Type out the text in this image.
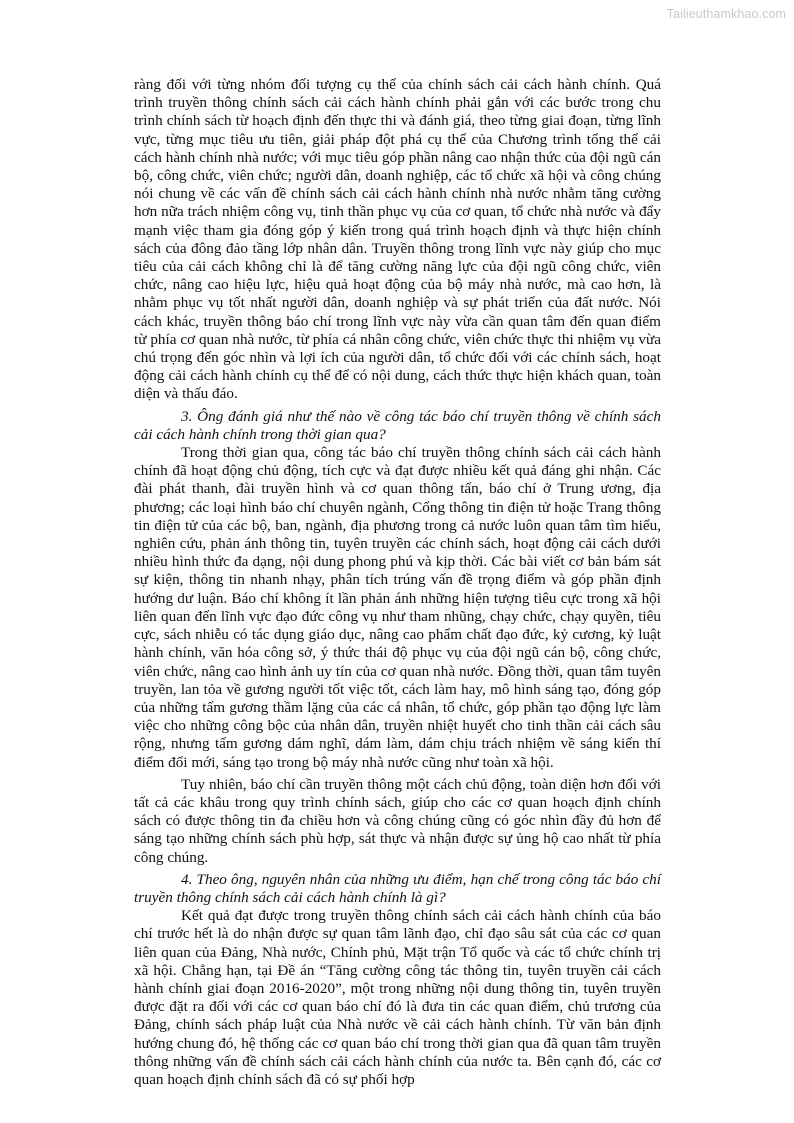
Tailieuthamkhao.com

ràng đối với từng nhóm đối tượng cụ thể của chính sách cải cách hành chính. Quá trình truyền thông chính sách cải cách hành chính phải gắn với các bước trong chu trình chính sách từ hoạch định đến thực thi và đánh giá, theo từng giai đoạn, từng lĩnh vực, từng mục tiêu ưu tiên, giải pháp đột phá cụ thể của Chương trình tổng thể cải cách hành chính nhà nước; với mục tiêu góp phần nâng cao nhận thức của đội ngũ cán bộ, công chức, viên chức; người dân, doanh nghiệp, các tổ chức xã hội và công chúng nói chung về các vấn đề chính sách cải cách hành chính nhà nước nhằm tăng cường hơn nữa trách nhiệm công vụ, tinh thần phục vụ của cơ quan, tổ chức nhà nước và đẩy mạnh việc tham gia đóng góp ý kiến trong quá trình hoạch định và thực hiện chính sách của đông đảo tầng lớp nhân dân. Truyền thông trong lĩnh vực này giúp cho mục tiêu của cải cách không chỉ là để tăng cường năng lực của đội ngũ công chức, viên chức, nâng cao hiệu lực, hiệu quả hoạt động của bộ máy nhà nước, mà cao hơn, là nhằm phục vụ tốt nhất người dân, doanh nghiệp và sự phát triển của đất nước. Nói cách khác, truyền thông báo chí trong lĩnh vực này vừa cần quan tâm đến quan điểm từ phía cơ quan nhà nước, từ phía cá nhân công chức, viên chức thực thi nhiệm vụ vừa chú trọng đến góc nhìn và lợi ích của người dân, tổ chức đối với các chính sách, hoạt động cải cách hành chính cụ thể để có nội dung, cách thức thực hiện khách quan, toàn diện và thấu đáo.

3. Ông đánh giá như thế nào về công tác báo chí truyền thông về chính sách cải cách hành chính trong thời gian qua?

Trong thời gian qua, công tác báo chí truyền thông chính sách cải cách hành chính đã hoạt động chủ động, tích cực và đạt được nhiều kết quả đáng ghi nhận. Các đài phát thanh, đài truyền hình và cơ quan thông tấn, báo chí ở Trung ương, địa phương; các loại hình báo chí chuyên ngành, Cổng thông tin điện tử hoặc Trang thông tin điện tử của các bộ, ban, ngành, địa phương trong cả nước luôn quan tâm tìm hiểu, nghiên cứu, phản ánh thông tin, tuyên truyền các chính sách, hoạt động cải cách dưới nhiều hình thức đa dạng, nội dung phong phú và kịp thời. Các bài viết cơ bản bám sát sự kiện, thông tin nhanh nhạy, phân tích trúng vấn đề trọng điểm và góp phần định hướng dư luận. Báo chí không ít lần phản ánh những hiện tượng tiêu cực trong xã hội liên quan đến lĩnh vực đạo đức công vụ như tham nhũng, chạy chức, chạy quyền, tiêu cực, sách nhiễu có tác dụng giáo dục, nâng cao phẩm chất đạo đức, kỷ cương, kỷ luật hành chính, văn hóa công sở, ý thức thái độ phục vụ của đội ngũ cán bộ, công chức, viên chức, nâng cao hình ảnh uy tín của cơ quan nhà nước. Đồng thời, quan tâm tuyên truyền, lan tỏa về gương người tốt việc tốt, cách làm hay, mô hình sáng tạo, đóng góp của những tấm gương thầm lặng của các cá nhân, tổ chức, góp phần tạo động lực làm việc cho những công bộc của nhân dân, truyền nhiệt huyết cho tinh thần cải cách sâu rộng, nhưng tấm gương dám nghĩ, dám làm, dám chịu trách nhiệm về sáng kiến thí điểm đổi mới, sáng tạo trong bộ máy nhà nước cũng như toàn xã hội.

Tuy nhiên, báo chí cần truyền thông một cách chủ động, toàn diện hơn đối với tất cả các khâu trong quy trình chính sách, giúp cho các cơ quan hoạch định chính sách có được thông tin đa chiều hơn và công chúng cũng có góc nhìn đầy đủ hơn để sáng tạo những chính sách phù hợp, sát thực và nhận được sự ủng hộ cao nhất từ phía công chúng.

4. Theo ông, nguyên nhân của những ưu điểm, hạn chế trong công tác báo chí truyền thông chính sách cải cách hành chính là gì?

Kết quả đạt được trong truyền thông chính sách cải cách hành chính của báo chí trước hết là do nhận được sự quan tâm lãnh đạo, chỉ đạo sâu sát của các cơ quan liên quan của Đảng, Nhà nước, Chính phủ, Mặt trận Tổ quốc và các tổ chức chính trị xã hội. Chẳng hạn, tại Đề án “Tăng cường công tác thông tin, tuyên truyền cải cách hành chính giai đoạn 2016-2020”, một trong những nội dung thông tin, tuyên truyền được đặt ra đối với các cơ quan báo chí đó là đưa tin các quan điểm, chủ trương của Đảng, chính sách pháp luật của Nhà nước về cải cách hành chính. Từ văn bản định hướng chung đó, hệ thống các cơ quan báo chí trong thời gian qua đã quan tâm truyền thông những vấn đề chính sách cải cách hành chính của nước ta. Bên cạnh đó, các cơ quan hoạch định chính sách đã có sự phối hợp
